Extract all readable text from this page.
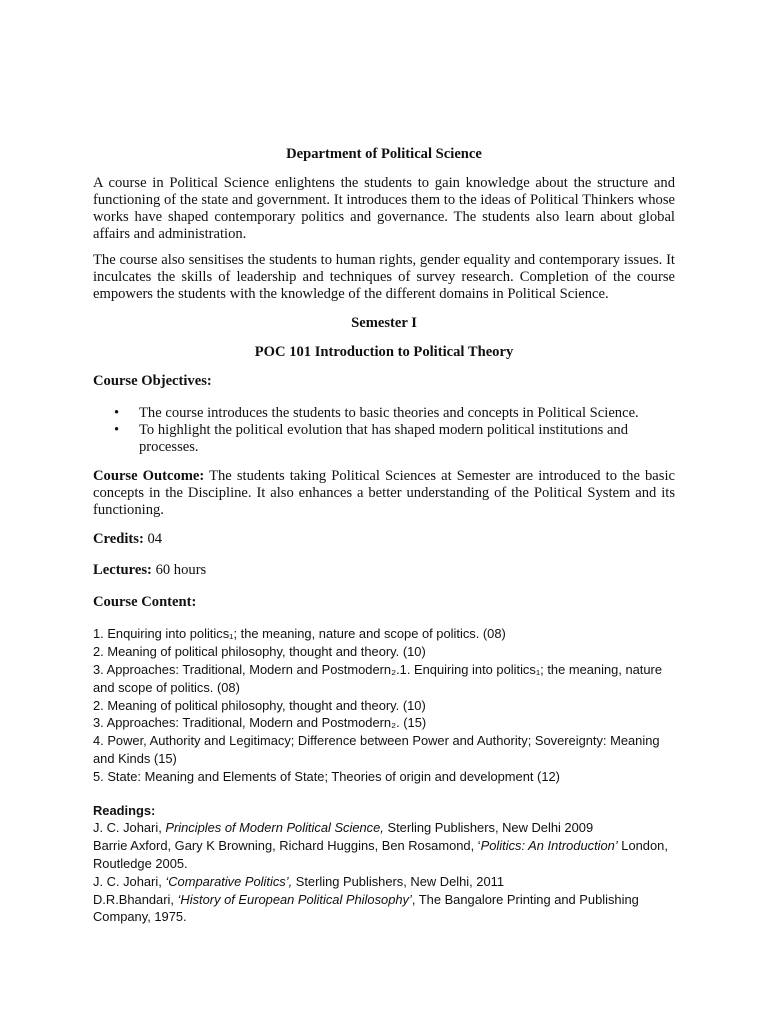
Department of Political Science

A course in Political Science enlightens the students to gain knowledge about the structure and functioning of the state and government. It introduces them to the ideas of Political Thinkers whose works have shaped contemporary politics and governance. The students also learn about global affairs and administration.

The course also sensitises the students to human rights, gender equality and contemporary issues. It inculcates the skills of leadership and techniques of survey research. Completion of the course empowers the students with the knowledge of the different domains in Political Science.

Semester I

POC 101 Introduction to Political Theory

Course Objectives:

• The course introduces the students to basic theories and concepts in Political Science.
• To highlight the political evolution that has shaped modern political institutions and processes.

Course Outcome: The students taking Political Sciences at Semester are introduced to the basic concepts in the Discipline. It also enhances a better understanding of the Political System and its functioning.

Credits: 04

Lectures: 60 hours

Course Content:

1. Enquiring into politics₁; the meaning, nature and scope of politics. (08)

2. Meaning of political philosophy, thought and theory. (10)

3. Approaches: Traditional, Modern and Postmodern₂.1. Enquiring into politics₁; the meaning, nature and scope of politics. (08)

2. Meaning of political philosophy, thought and theory. (10)

3. Approaches: Traditional, Modern and Postmodern₂. (15)

4. Power, Authority and Legitimacy; Difference between Power and Authority; Sovereignty: Meaning and Kinds (15)

5. State: Meaning and Elements of State; Theories of origin and development (12)

Readings:

J. C. Johari, Principles of Modern Political Science, Sterling Publishers, New Delhi 2009

Barrie Axford, Gary K Browning, Richard Huggins, Ben Rosamond, ‘Politics: An Introduction’ London, Routledge 2005.

J. C. Johari, ‘Comparative Politics’, Sterling Publishers, New Delhi, 2011

D.R.Bhandari, ‘History of European Political Philosophy’, The Bangalore Printing and Publishing Company, 1975.
